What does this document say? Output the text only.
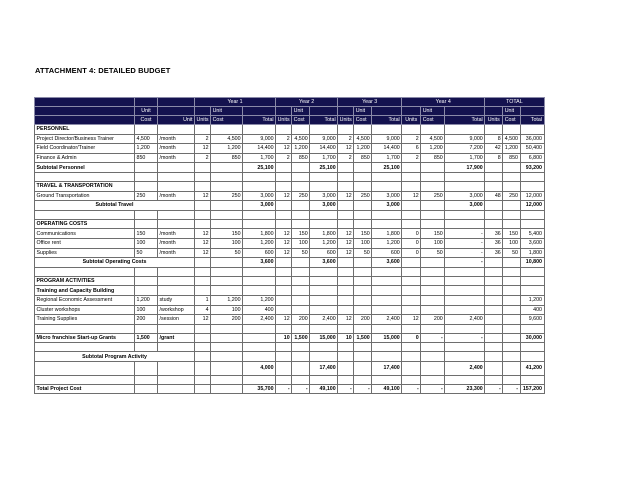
ATTACHMENT 4: DETAILED BUDGET
			Year 1			Year 2			Year 3			Year 4			TOTAL		
	Unit			Unit			Unit			Unit			Unit			Unit	
	Cost	Unit	Units	Cost	Total	Units	Cost	Total	Units	Cost	Total	Units	Cost	Total	Units	Cost	Total
PERSONNEL																	
Project Director/Business Trainer	4,500	/month	2	4,500	9,000	2	4,500	9,000	2	4,500	9,000	2	4,500	9,000	8	4,500	36,000
Field Coordinator/Trainer	1,200	/month	12	1,200	14,400	12	1,200	14,400	12	1,200	14,400	6	1,200	7,200	42	1,200	50,400
Finance & Admin	850	/month	2	850	1,700	2	850	1,700	2	850	1,700	2	850	1,700	8	850	6,800
Subtotal Personnel					25,100			25,100			25,100			17,900			93,200

TRAVEL & TRANSPORTATION																	
Ground Transportation	250	/month	12	250	3,000	12	250	3,000	12	250	3,000	12	250	3,000	48	250	12,000
Subtotal Travel					3,000			3,000			3,000			3,000			12,000

OPERATING COSTS																	
Communications	150	/month	12	150	1,800	12	150	1,800	12	150	1,800	0	150	-	36	150	5,400
Office rent	100	/month	12	100	1,200	12	100	1,200	12	100	1,200	0	100	-	36	100	3,600
Supplies	50	/month	12	50	600	12	50	600	12	50	600	0	50	-	36	50	1,800
Subtotal Operating Costs					3,600			3,600			3,600			-			10,800

PROGRAM ACTIVITIES																	
Training and Capacity Building																	
Regional Economic Assessment	1,200	study	1	1,200	1,200												1,200
Cluster workshops	100	/workshop	4	100	400												400
Training Supplies	200	/session	12	200	2,400	12	200	2,400	12	200	2,400	12	200	2,400			9,600

Micro franchise Start-up Grants	1,500	/grant				10	1,500	15,000	10	1,500	15,000	0	-	-			30,000

Subtotal Program Activity																	
					4,000			17,400			17,400			2,400			41,200

Total Project Cost					35,700	-	-	49,100	-	-	49,100	-	-	23,300	-	-	157,200
